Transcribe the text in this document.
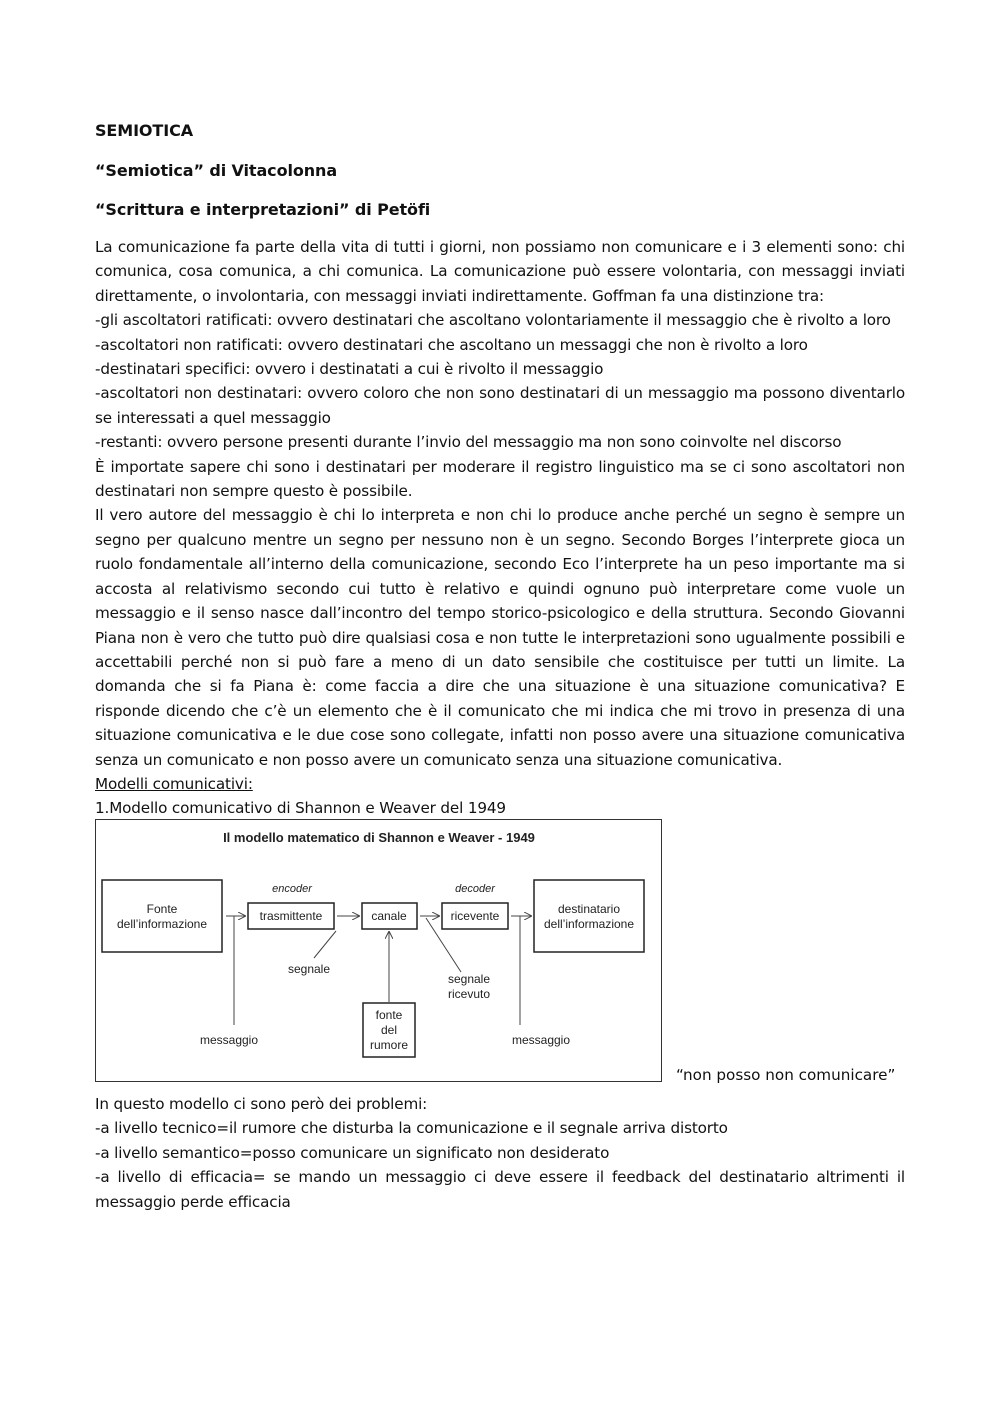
SEMIOTICA
“Semiotica” di Vitacolonna
“Scrittura e interpretazioni” di Petöfi

La comunicazione fa parte della vita di tutti i giorni, non possiamo non comunicare e i 3 elementi sono: chi comunica, cosa comunica, a chi comunica. La comunicazione può essere volontaria, con messaggi inviati direttamente, o involontaria, con messaggi inviati indirettamente. Goffman fa una distinzione tra:

-gli ascoltatori ratificati: ovvero destinatari che ascoltano volontariamente il messaggio che è rivolto a loro

-ascoltatori non ratificati: ovvero destinatari che ascoltano un messaggi che non è rivolto a loro

-destinatari specifici: ovvero i destinatati a cui è rivolto il messaggio

-ascoltatori non destinatari: ovvero coloro che non sono destinatari di un messaggio ma possono diventarlo se interessati a quel messaggio

-restanti: ovvero persone presenti durante l’invio del messaggio ma non sono coinvolte nel discorso

È importate sapere chi sono i destinatari per moderare il registro linguistico ma se ci sono ascoltatori non destinatari non sempre questo è possibile.

Il vero autore del messaggio è chi lo interpreta e non chi lo produce anche perché un segno è sempre un segno per qualcuno mentre un segno per nessuno non è un segno. Secondo Borges l’interprete gioca un ruolo fondamentale all’interno della comunicazione, secondo Eco l’interprete ha un peso importante ma si accosta al relativismo secondo cui tutto è relativo e quindi ognuno può interpretare come vuole un messaggio e il senso nasce dall’incontro del tempo storico-psicologico e della struttura. Secondo Giovanni Piana non è vero che tutto può dire qualsiasi cosa e non tutte le interpretazioni sono ugualmente possibili e accettabili perché non si può fare a meno di un dato sensibile che costituisce per tutti un limite. La domanda che si fa Piana è: come faccia a dire che una situazione è una situazione comunicativa? E risponde dicendo che c’è un elemento che è il comunicato che mi indica che mi trovo in presenza di una situazione comunicativa e le due cose sono collegate, infatti non posso avere una situazione comunicativa senza un comunicato e non posso avere un comunicato senza una situazione comunicativa.

Modelli comunicativi:

1.Modello comunicativo di Shannon e Weaver del 1949

Il modello matematico di Shannon e Weaver - 1949
Fonte
dell’informazione
encoder
trasmittente	canale
decoder
ricevente	destinatario
dell’informazione
fonte
del
rumore
segnale
segnale
ricevuto
messaggio	messaggio
“non posso non comunicare”

In questo modello ci sono però dei problemi:

-a livello tecnico=il rumore che disturba la comunicazione e il segnale arriva distorto

-a livello semantico=posso comunicare un significato non desiderato

-a livello di efficacia= se mando un messaggio ci deve essere il feedback del destinatario altrimenti il messaggio perde efficacia
